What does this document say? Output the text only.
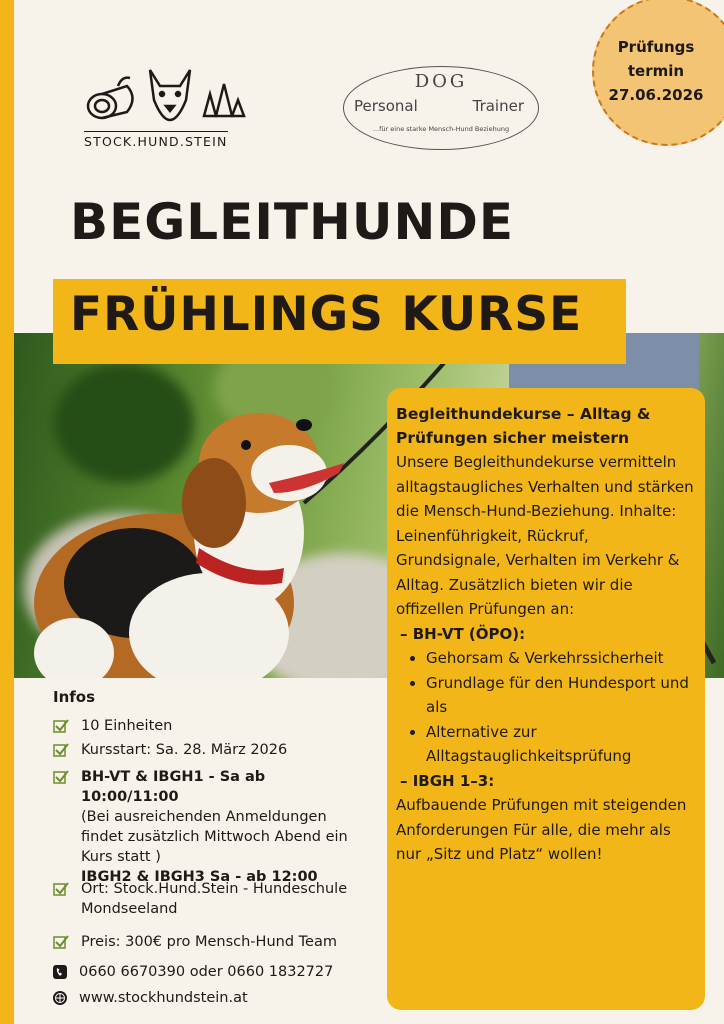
Prüfungs
termin
27.06.2026
STOCK.HUND.STEIN
DOG
Personal	Trainer
...für eine starke Mensch-Hund Beziehung
BEGLEITHUNDE
FRÜHLINGS KURSE
Begleithundekurse – Alltag & Prüfungen sicher meistern
Unsere Begleithundekurse vermitteln alltagstaugliches Verhalten und stärken die Mensch-Hund-Beziehung. Inhalte: Leinenführigkeit, Rückruf, Grundsignale, Verhalten im Verkehr & Alltag. Zusätzlich bieten wir die offizellen Prüfungen an:
– BH-VT (ÖPO):
• Gehorsam & Verkehrssicherheit
• Grundlage für den Hundesport und als
• Alternative zur Alltagstauglichkeitsprüfung
– IBGH 1–3:
Aufbauende Prüfungen mit steigenden Anforderungen Für alle, die mehr als nur „Sitz und Platz“ wollen!
Infos
10 Einheiten
Kursstart: Sa. 28. März 2026
BH-VT & IBGH1 - Sa ab 10:00/11:00
(Bei ausreichenden Anmeldungen findet zusätzlich Mittwoch Abend ein Kurs statt )
IBGH2 & IBGH3 Sa - ab 12:00
Ort: Stock.Hund.Stein - Hundeschule Mondseeland
Preis: 300€ pro Mensch-Hund Team
0660 6670390 oder 0660 1832727
www.stockhundstein.at
